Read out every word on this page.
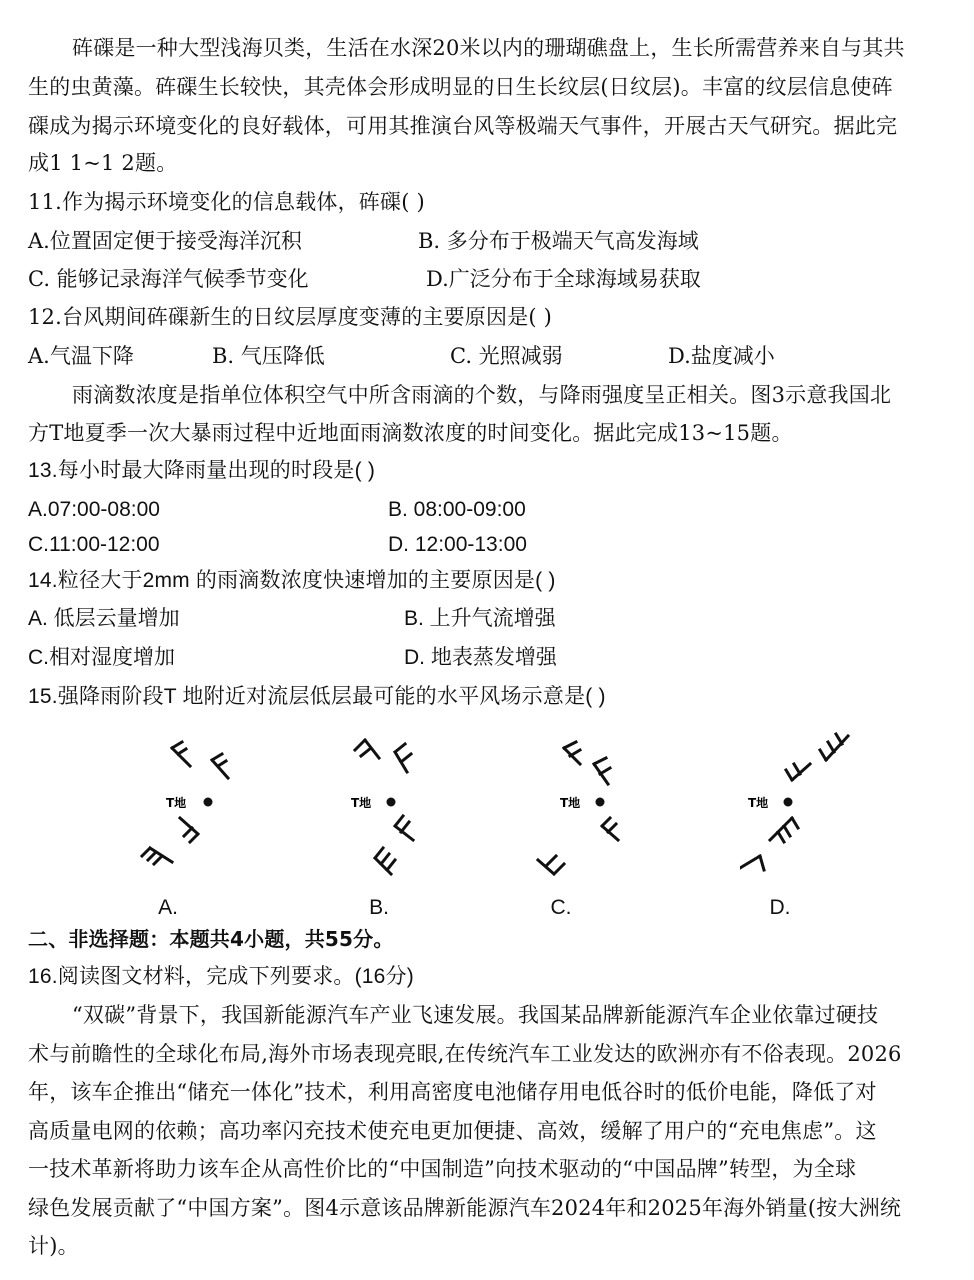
砗磲是一种大型浅海贝类，生活在水深20米以内的珊瑚礁盘上，生长所需营养来自与其共
生的虫黄藻。砗磲生长较快，其壳体会形成明显的日生长纹层(日纹层)。丰富的纹层信息使砗
磲成为揭示环境变化的良好载体，可用其推演台风等极端天气事件，开展古天气研究。据此完
成1 1~1 2题。
11.作为揭示环境变化的信息载体，砗磲( )
A.位置固定便于接受海洋沉积	B. 多分布于极端天气高发海域
C. 能够记录海洋气候季节变化	D.广泛分布于全球海域易获取
12.台风期间砗磲新生的日纹层厚度变薄的主要原因是( )
A.气温下降	B. 气压降低	C. 光照减弱	D.盐度减小
雨滴数浓度是指单位体积空气中所含雨滴的个数，与降雨强度呈正相关。图3示意我国北
方T地夏季一次大暴雨过程中近地面雨滴数浓度的时间变化。据此完成13~15题。
13.每小时最大降雨量出现的时段是( )
A.07:00-08:00	B. 08:00-09:00
C.11:00-12:00	D. 12:00-13:00
14.粒径大于2mm 的雨滴数浓度快速增加的主要原因是( )
A. 低层云量增加	B. 上升气流增强
C.相对湿度增加	D. 地表蒸发增强
15.强降雨阶段T 地附近对流层低层最可能的水平风场示意是( )
T地
A.
T地
B.
T地
C.
T地
D.
二、非选择题：本题共4小题，共55分。
16.阅读图文材料，完成下列要求。(16分)
“双碳”背景下，我国新能源汽车产业飞速发展。我国某品牌新能源汽车企业依靠过硬技
术与前瞻性的全球化布局,海外市场表现亮眼,在传统汽车工业发达的欧洲亦有不俗表现。2026
年，该车企推出“储充一体化”技术，利用高密度电池储存用电低谷时的低价电能，降低了对
高质量电网的依赖；高功率闪充技术使充电更加便捷、高效，缓解了用户的“充电焦虑”。这
一技术革新将助力该车企从高性价比的“中国制造”向技术驱动的“中国品牌”转型，为全球
绿色发展贡献了“中国方案”。图4示意该品牌新能源汽车2024年和2025年海外销量(按大洲统
计)。
